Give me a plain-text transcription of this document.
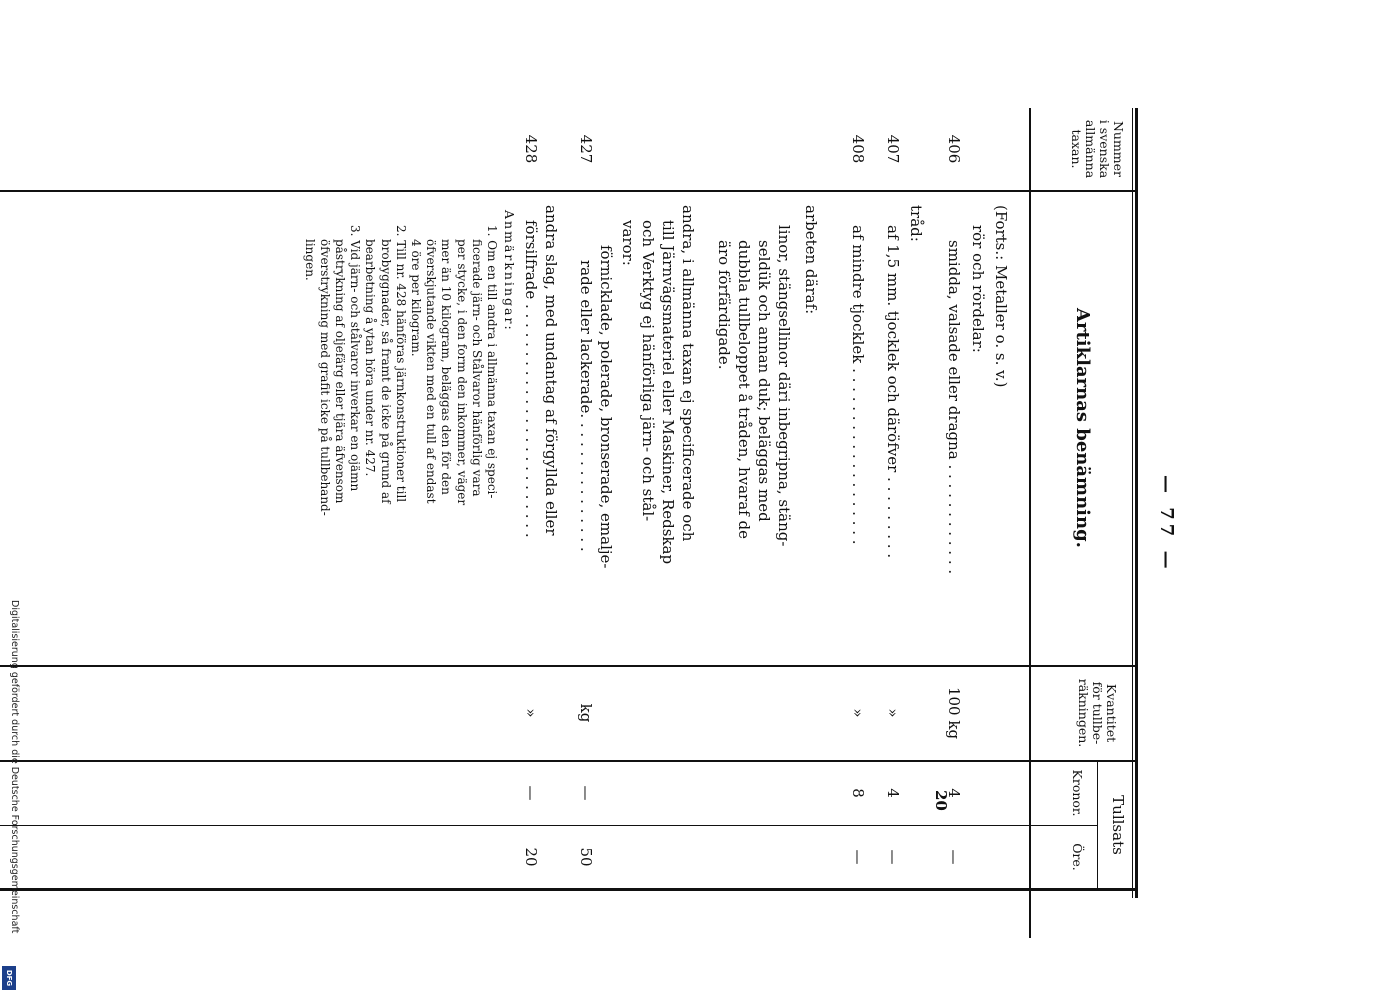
— 77 —
Nummer
i svenska
allmänna
taxan.
Artiklarnas benämning.
Kvantitet
för tullbe-
räkningen.
Tullsats
Kronor.
Öre.
(Forts.: Metaller o. s. v.)
rör och rördelar:
smidda, valsade eller dragna . . . . . . . . . . . .
406
100 kg
4
—
tråd:
af 1,5 mm. tjocklek och däröfver . . . . . . . . .
407
»
4
—
af mindre tjocklek . . . . . . . . . . . . . . . . . . .
408
»
8
—
arbeten däraf:
linor, stängsellinor däri inbegripna, stäng-
seldük och annan duk; beläggas med
dubbla tullbeloppet å tråden, hvaraf de
äro förfärdigade.
andra, i allmänna taxan ej specificerade och
till Järnvägsmateriel eller Maskiner, Redskap
och Verktyg ej hänförliga järn- och stål-
varor:
förnicklade, polerade, bronserade, emalje-
rade eller lackerade. . . . . . . . . . . . . . .
427
kg
—
50
andra slag, med undantag af förgyllda eller
försilfrade . . . . . . . . . . . . . . . . . . . . . . . . .
428
»
—
20
Anmärkningar:
1. Om en till andra i allmänna taxan ej speci-
ficerade järn- och Stålvaror hänförlig vara
per stycke, i den form den inkommer, väger
mer än 10 kilogram, beläggas den för den
öfverskjutande vikten med en tull af endast
4 öre per kilogram.
2. Till nr. 428 hänföras järnkonstruktioner till
brobyggnader, så framt de icke på grund af
bearbetning å ytan höra under nr. 427.
3. Vid järn- och stålvaror inverkar en ojämn
påstrykning af oljefärg eller tjära äfvensom
öfverstrykning med grafit icke på tullbehand-
lingen.
20
Digitalisierung gefördert durch die Deutsche Forschungsgemeinschaft
DFG
